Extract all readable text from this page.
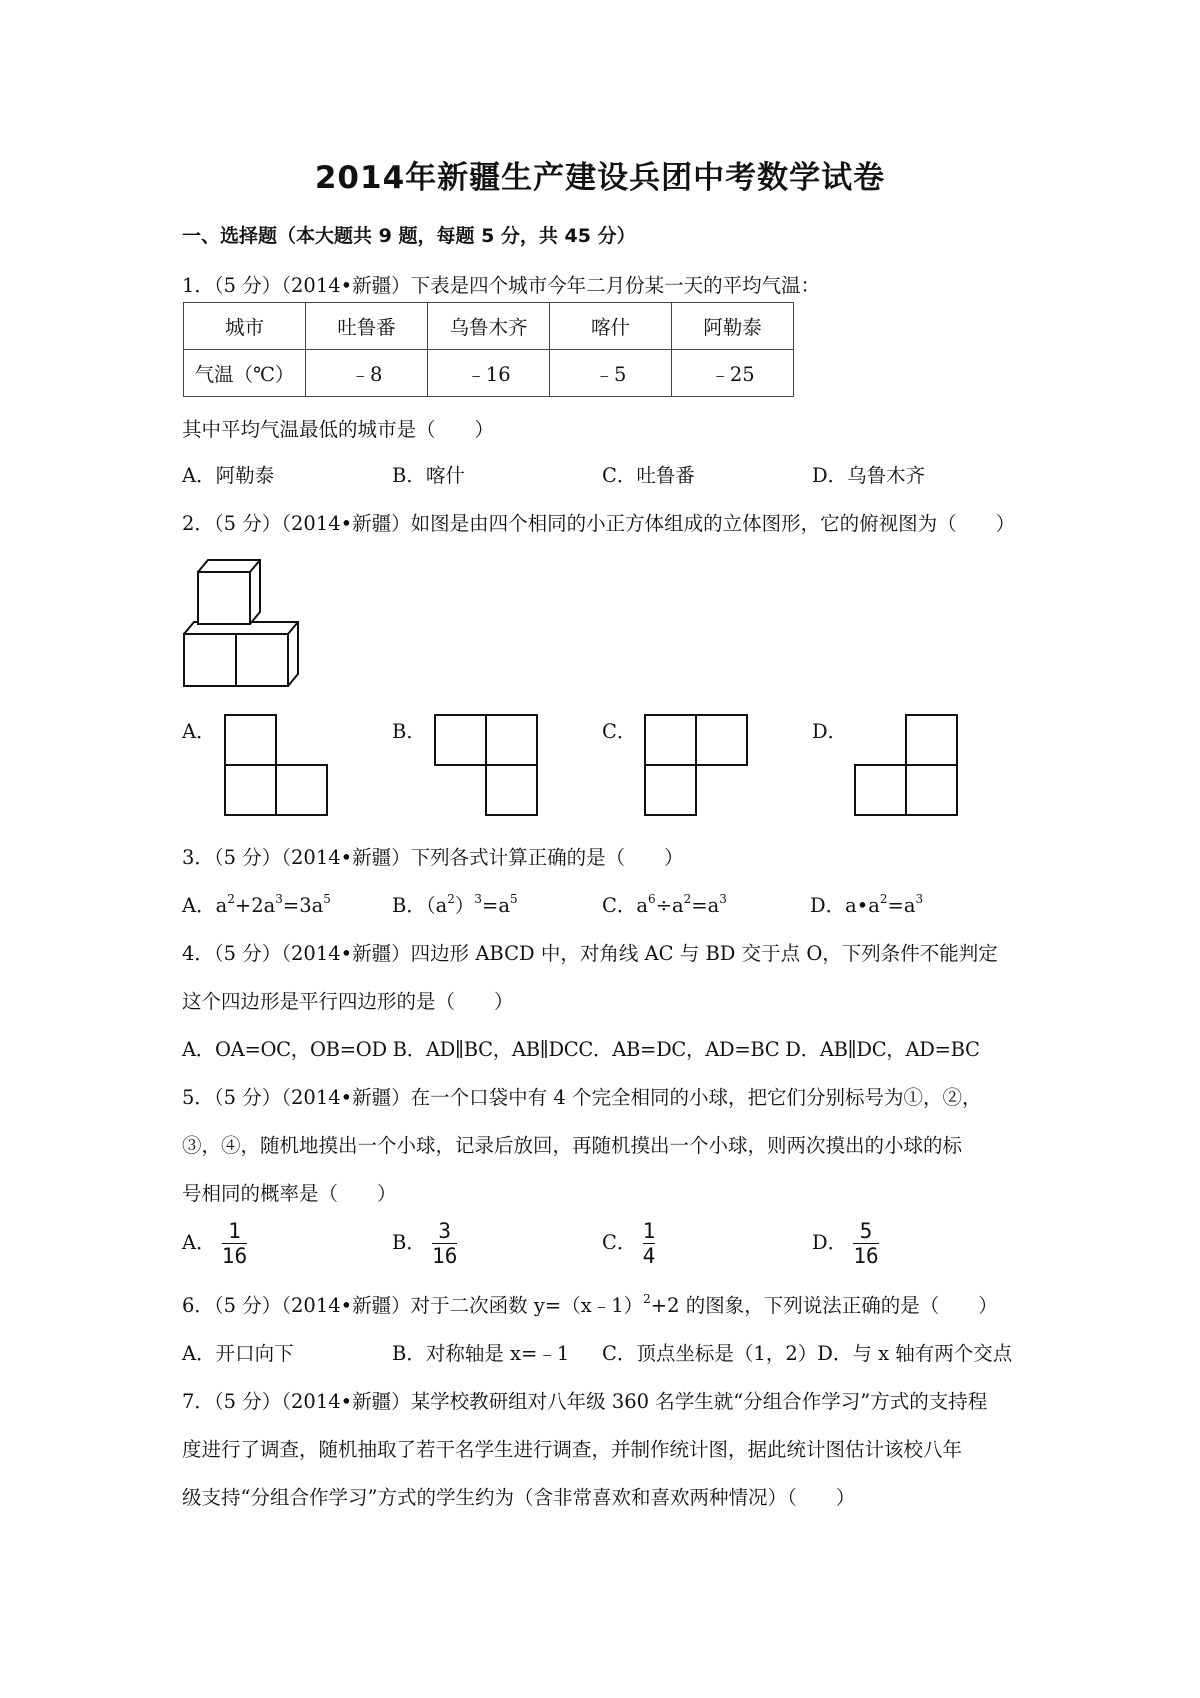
2014年新疆生产建设兵团中考数学试卷
一、选择题（本大题共 9 题，每题 5 分，共 45 分）
1．（5 分）（2014•新疆）下表是四个城市今年二月份某一天的平均气温：
城市	吐鲁番	乌鲁木齐	喀什	阿勒泰
气温（℃）	﹣8	﹣16	﹣5	﹣25
其中平均气温最低的城市是（　　）
A．阿勒泰	B．喀什	C．吐鲁番	D．乌鲁木齐
2．（5 分）（2014•新疆）如图是由四个相同的小正方体组成的立体图形，它的俯视图为（　　）
A．	B．	C．	D．
3．（5 分）（2014•新疆）下列各式计算正确的是（　　）
A．$a^2+2a^3=3a^5$	B．$(a^2)^3=a^5$	C．$a^6\div a^2=a^3$	D．$a•a^2=a^3$
4．（5 分）（2014•新疆）四边形 ABCD 中，对角线 AC 与 BD 交于点 O，下列条件不能判定
这个四边形是平行四边形的是（　　）
A．OA=OC，OB=OD B．AD∥BC，AB∥DCC．AB=DC，AD=BC D．AB∥DC，AD=BC
5．（5 分）（2014•新疆）在一个口袋中有 4 个完全相同的小球，把它们分别标号为①，②，
③，④，随机地摸出一个小球，记录后放回，再随机摸出一个小球，则两次摸出的小球的标
号相同的概率是（　　）
A． $\frac{1}{16}$	B． $\frac{3}{16}$	C． $\frac{1}{4}$	D． $\frac{5}{16}$
6．（5 分）（2014•新疆）对于二次函数 y=（x﹣1）$^2$+2 的图象，下列说法正确的是（　　）
A．开口向下	B．对称轴是 x=﹣1 C．顶点坐标是（1，2）D．与 x 轴有两个交点
7．（5 分）（2014•新疆）某学校教研组对八年级 360 名学生就“分组合作学习”方式的支持程
度进行了调查，随机抽取了若干名学生进行调查，并制作统计图，据此统计图估计该校八年
级支持“分组合作学习”方式的学生约为（含非常喜欢和喜欢两种情况）（　　）
